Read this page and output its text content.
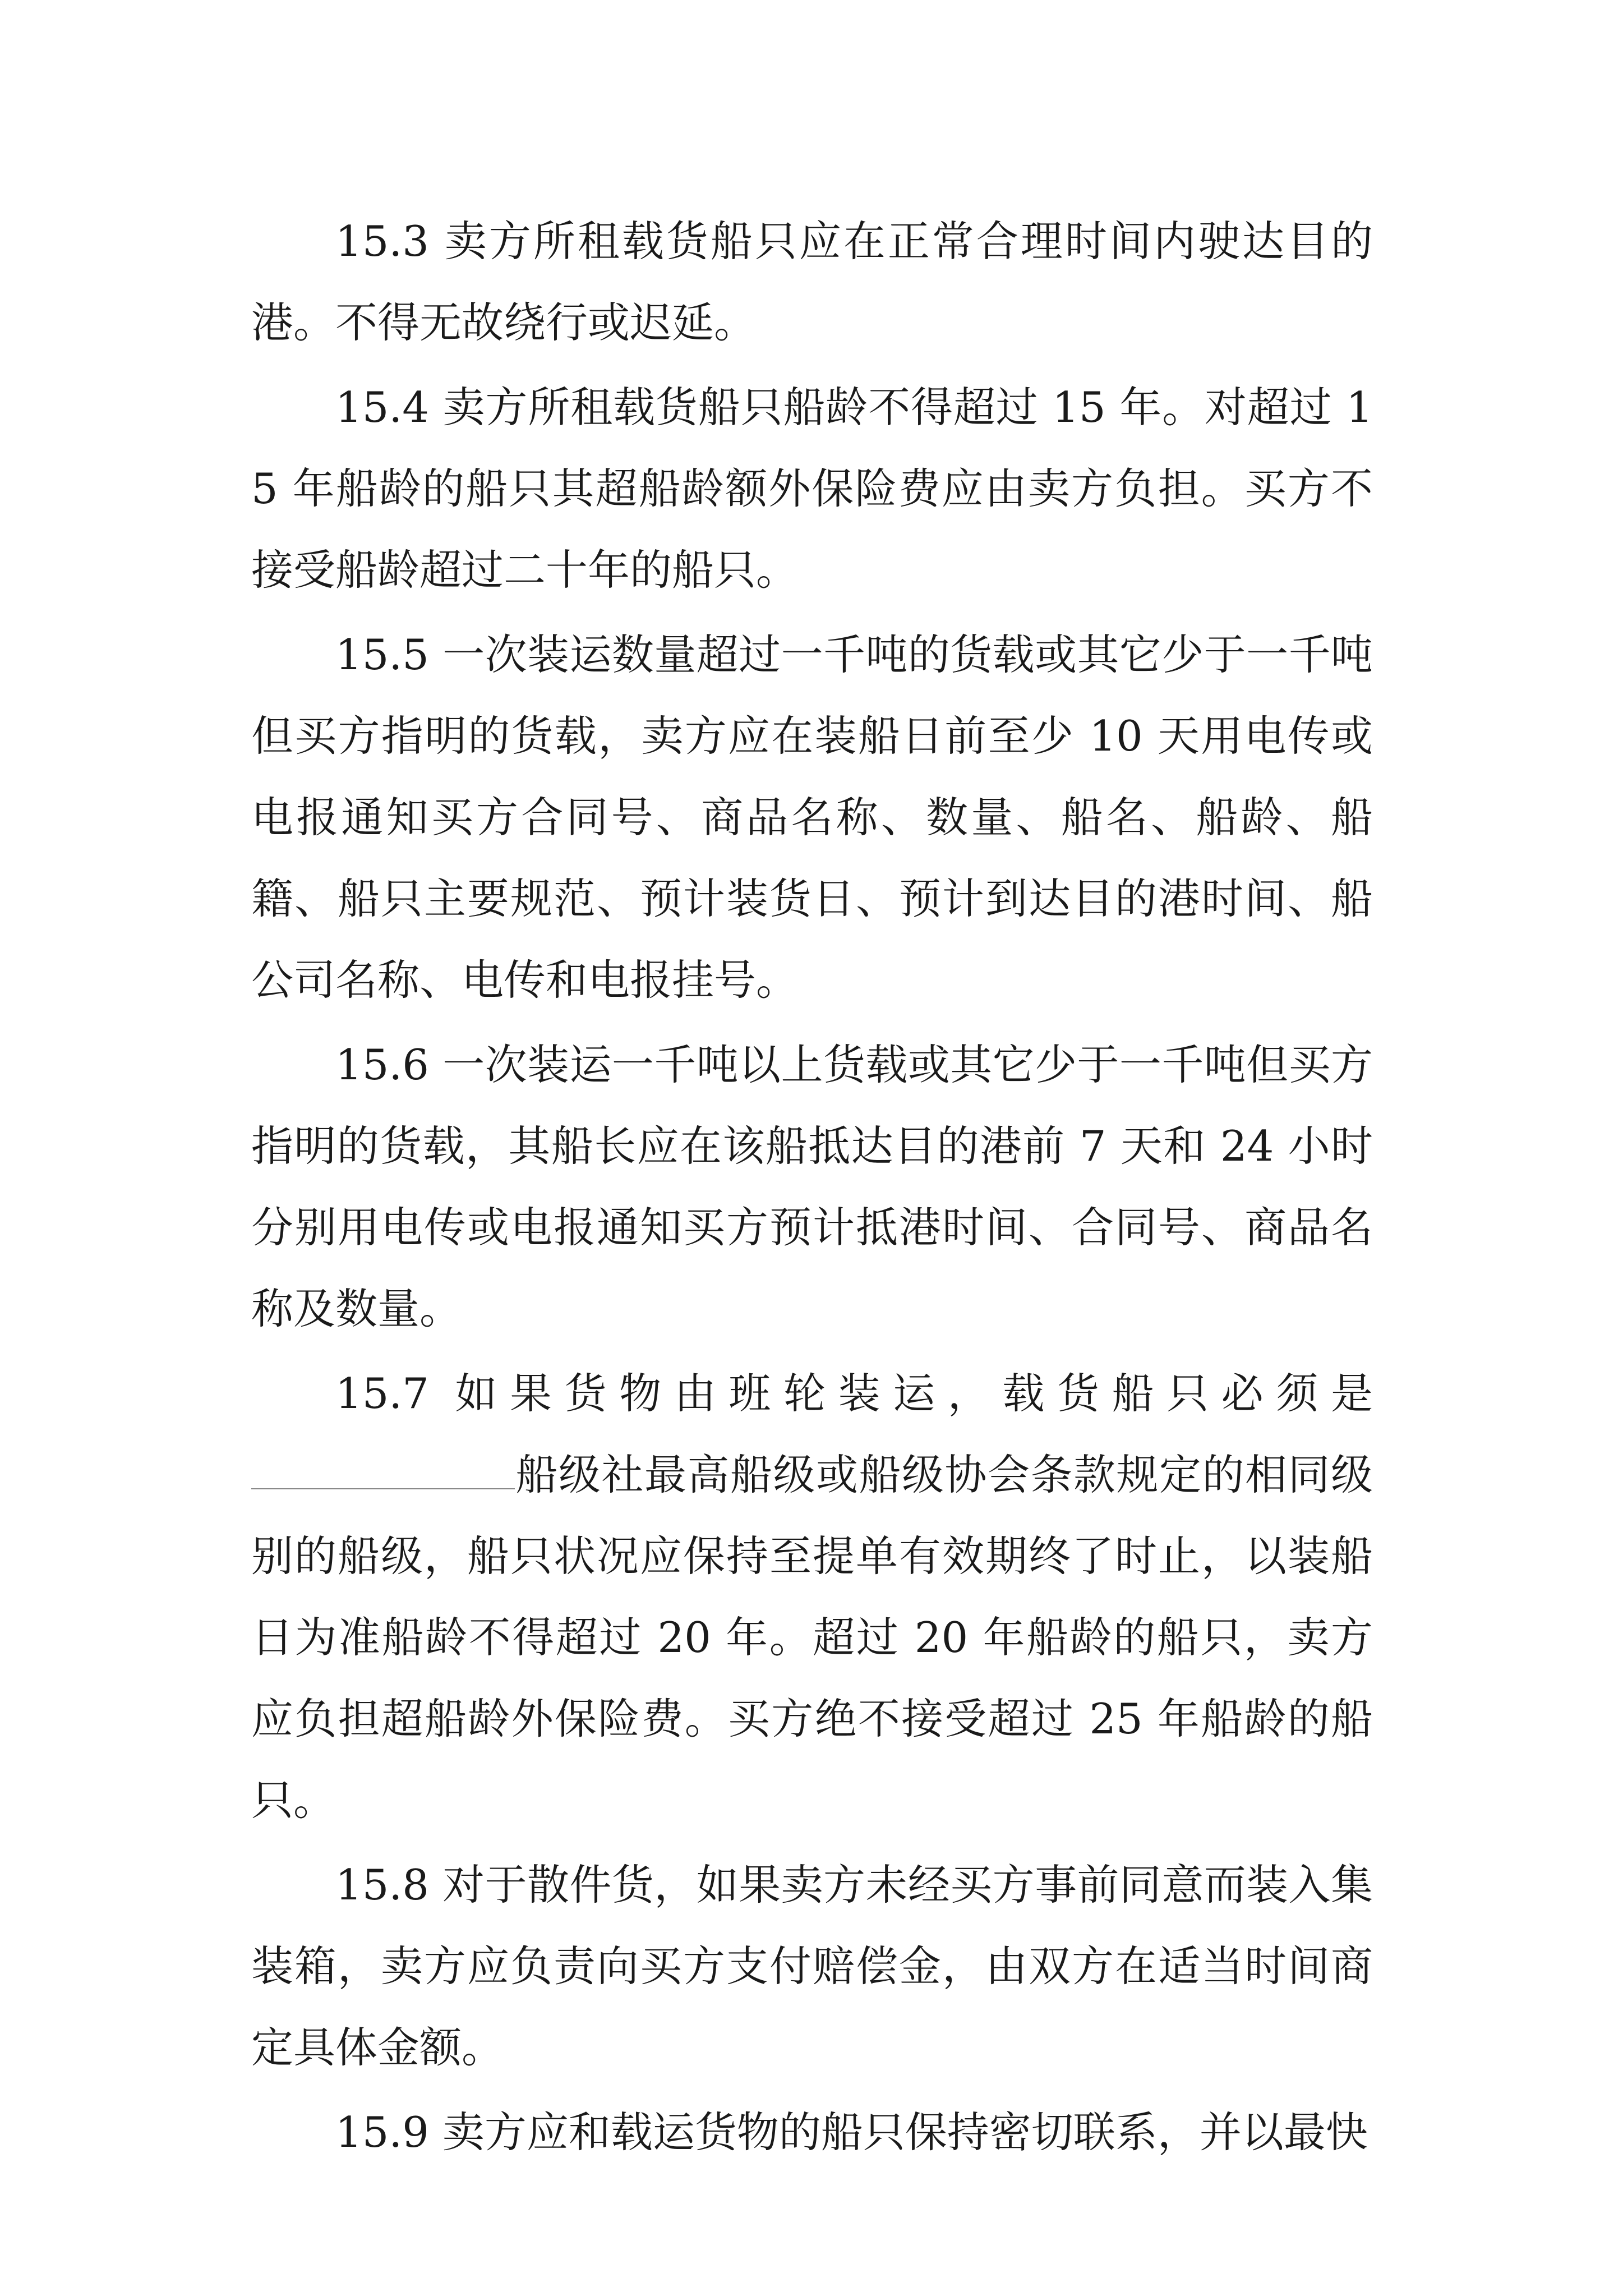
15.3 卖方所租载货船只应在正常合理时间内驶达目的港。不得无故绕行或迟延。

15.4 卖方所租载货船只船龄不得超过 15 年。对超过 15 年船龄的船只其超船龄额外保险费应由卖方负担。买方不接受船龄超过二十年的船只。

15.5 一次装运数量超过一千吨的货载或其它少于一千吨但买方指明的货载，卖方应在装船日前至少 10 天用电传或电报通知买方合同号、商品名称、数量、船名、船龄、船籍、船只主要规范、预计装货日、预计到达目的港时间、船公司名称、电传和电报挂号。

15.6 一次装运一千吨以上货载或其它少于一千吨但买方指明的货载，其船长应在该船抵达目的港前 7 天和 24 小时分别用电传或电报通知买方预计抵港时间、合同号、商品名称及数量。

15.7 如果货物由班轮装运，载货船只必须是
船级社最高船级或船级协会条款规定的相同级别的船级，船只状况应保持至提单有效期终了时止，以装船日为准船龄不得超过 20 年。超过 20 年船龄的船只，卖方应负担超船龄外保险费。买方绝不接受超过 25 年船龄的船只。

15.8 对于散件货，如果卖方未经买方事前同意而装入集装箱，卖方应负责向买方支付赔偿金，由双方在适当时间商定具体金额。

15.9 卖方应和载运货物的船只保持密切联系，并以最快
